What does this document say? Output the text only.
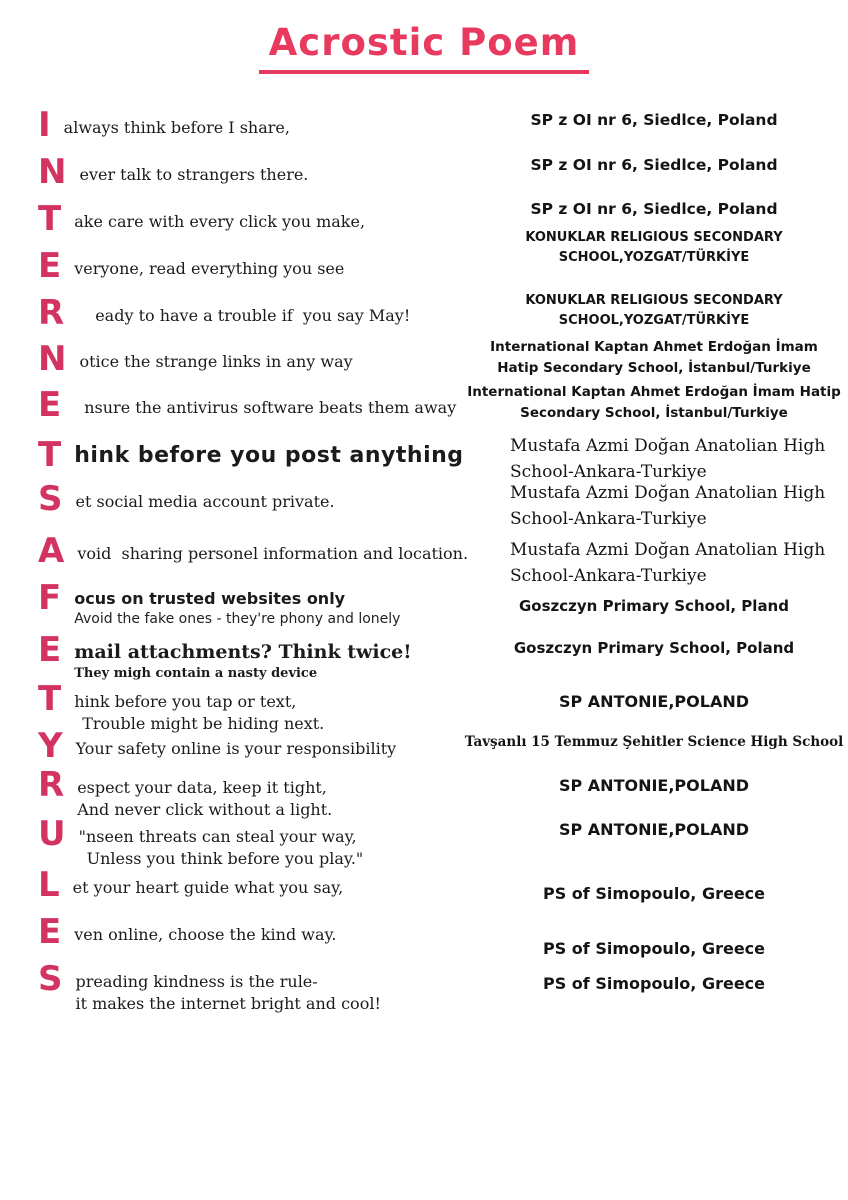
Acrostic Poem
I always think before I share,
N ever talk to strangers there.
T ake care with every click you make,
E veryone, read everything you see
R eady to have a trouble if  you say May!
N otice the strange links in any way
E nsure the antivirus software beats them away
T hink before you post anything
S et social media account private.
A void  sharing personel information and location.
F ocus on trusted websites only
Avoid the fake ones - they're phony and lonely
E mail attachments? Think twice!
They migh contain a nasty device
T hink before you tap or text,
Trouble might be hiding next.
Y Your safety online is your responsibility
R espect your data, keep it tight,
And never click without a light.
U "nseen threats can steal your way,
Unless you think before you play."
L et your heart guide what you say,
E ven online, choose the kind way.
S preading kindness is the rule-
it makes the internet bright and cool!
SP z OI nr 6, Siedlce, Poland
SP z OI nr 6, Siedlce, Poland
SP z OI nr 6, Siedlce, Poland
KONUKLAR RELIGIOUS SECONDARY
SCHOOL,YOZGAT/TÜRKİYE
KONUKLAR RELIGIOUS SECONDARY
SCHOOL,YOZGAT/TÜRKİYE
International Kaptan Ahmet Erdoğan İmam
Hatip Secondary School, İstanbul/Turkiye
International Kaptan Ahmet Erdoğan İmam Hatip
Secondary School, İstanbul/Turkiye
Mustafa Azmi Doğan Anatolian High
School-Ankara-Turkiye
Mustafa Azmi Doğan Anatolian High
School-Ankara-Turkiye
Mustafa Azmi Doğan Anatolian High
School-Ankara-Turkiye
Goszczyn Primary School, Pland
Goszczyn Primary School, Poland
SP ANTONIE,POLAND
Tavşanlı 15 Temmuz Şehitler Science High School
SP ANTONIE,POLAND
SP ANTONIE,POLAND
PS of Simopoulo, Greece
PS of Simopoulo, Greece
PS of Simopoulo, Greece
